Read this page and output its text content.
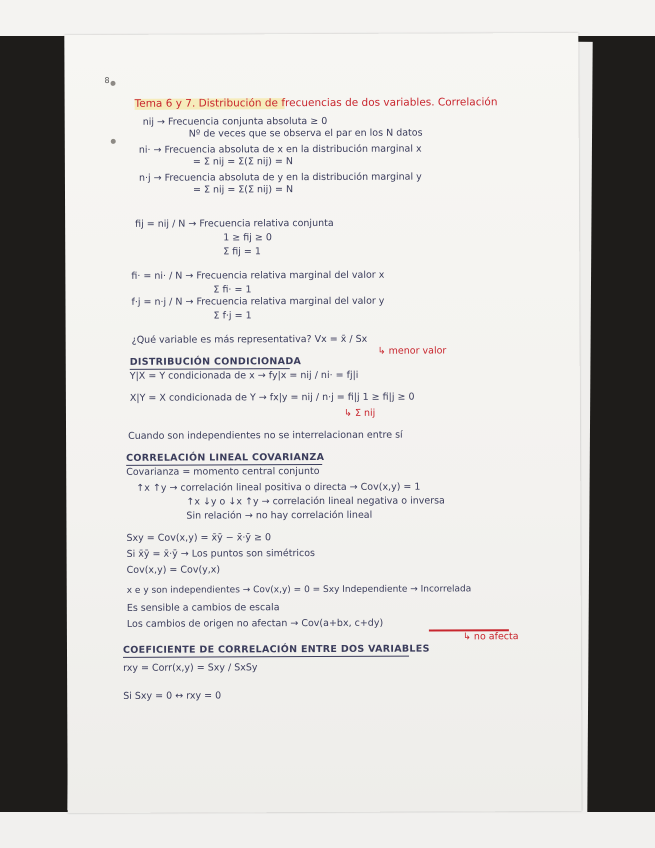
8
Tema 6 y 7. Distribución de frecuencias de dos variables. Correlación
nij → Frecuencia conjunta absoluta ≥ 0
Nº de veces que se observa el par en los N datos
ni· → Frecuencia absoluta de x en la distribución marginal x
= Σ nij = Σ(Σ nij) = N
n·j → Frecuencia absoluta de y en la distribución marginal y
= Σ nij = Σ(Σ nij) = N
fij = nij / N → Frecuencia relativa conjunta
1 ≥ fij ≥ 0
Σ fij = 1
fi· = ni· / N → Frecuencia relativa marginal del valor x
Σ fi· = 1
f·j = n·j / N → Frecuencia relativa marginal del valor y
Σ f·j = 1
¿Qué variable es más representativa? Vx = x̄ / Sx
↳ menor valor
DISTRIBUCIÓN CONDICIONADA
Y|X = Y condicionada de x → fy|x = nij / ni· = fj|i
X|Y = X condicionada de Y → fx|y = nij / n·j = fi|j 1 ≥ fi|j ≥ 0
↳ Σ nij
Cuando son independientes no se interrelacionan entre sí
CORRELACIÓN LINEAL COVARIANZA
Covarianza = momento central conjunto
↑x ↑y → correlación lineal positiva o directa → Cov(x,y) = 1
↑x ↓y o ↓x ↑y → correlación lineal negativa o inversa
Sin relación → no hay correlación lineal
Sxy = Cov(x,y) = x̄ȳ − x̄·ȳ ≥ 0
Si x̄ȳ = x̄·ȳ → Los puntos son simétricos
Cov(x,y) = Cov(y,x)
x e y son independientes → Cov(x,y) = 0 = Sxy Independiente → Incorrelada
Es sensible a cambios de escala
Los cambios de origen no afectan → Cov(a+bx, c+dy)
↳ no afecta
COEFICIENTE DE CORRELACIÓN ENTRE DOS VARIABLES
rxy = Corr(x,y) = Sxy / SxSy
Si Sxy = 0 ↔ rxy = 0
